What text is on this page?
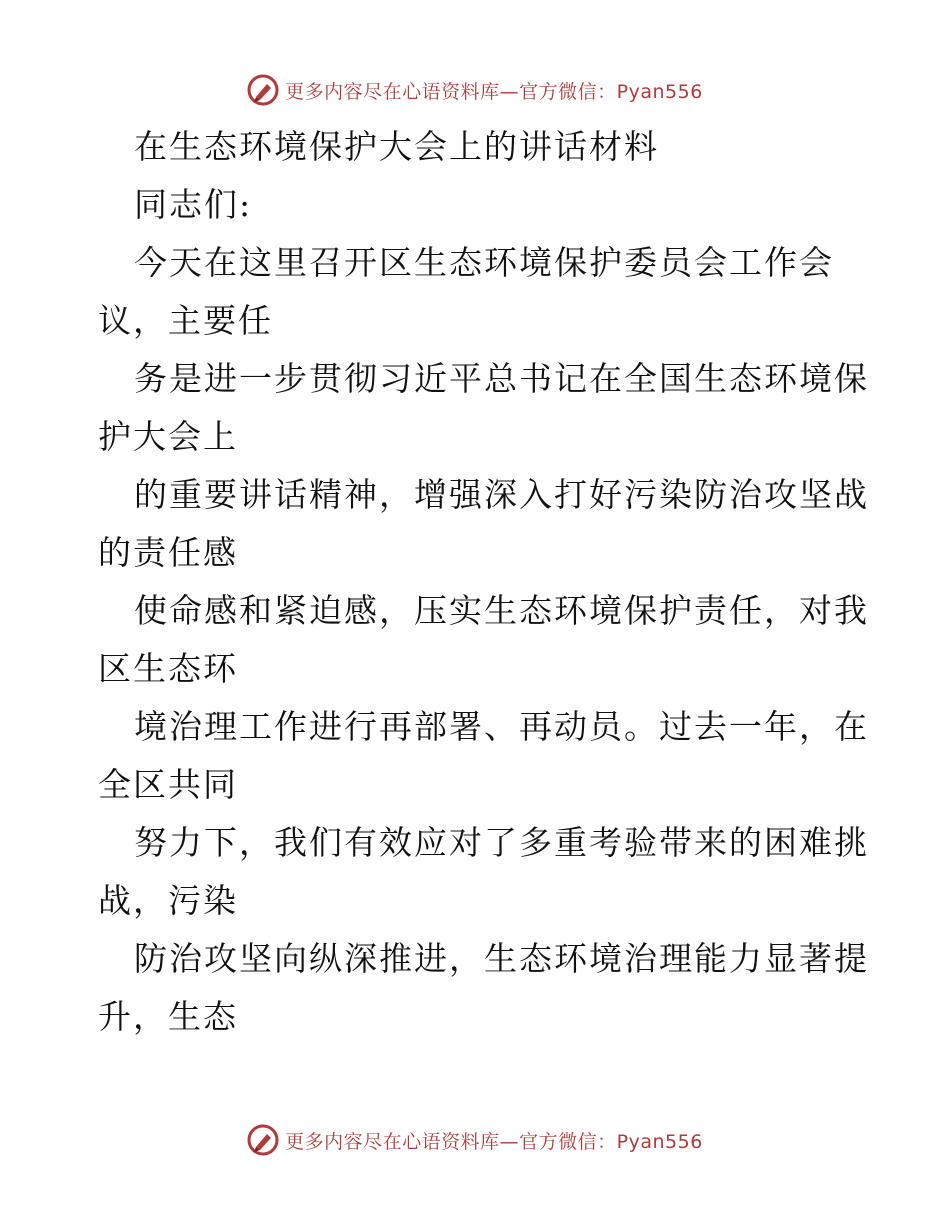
更多内容尽在心语资料库—官方微信：Pyan556
在生态环境保护大会上的讲话材料
同志们:
今天在这里召开区生态环境保护委员会工作会
议，主要任
务是进一步贯彻习近平总书记在全国生态环境保
护大会上
的重要讲话精神，增强深入打好污染防治攻坚战
的责任感
使命感和紧迫感，压实生态环境保护责任，对我
区生态环
境治理工作进行再部署、再动员。过去一年，在
全区共同
努力下，我们有效应对了多重考验带来的困难挑
战，污染
防治攻坚向纵深推进，生态环境治理能力显著提
升，生态
更多内容尽在心语资料库—官方微信：Pyan556
